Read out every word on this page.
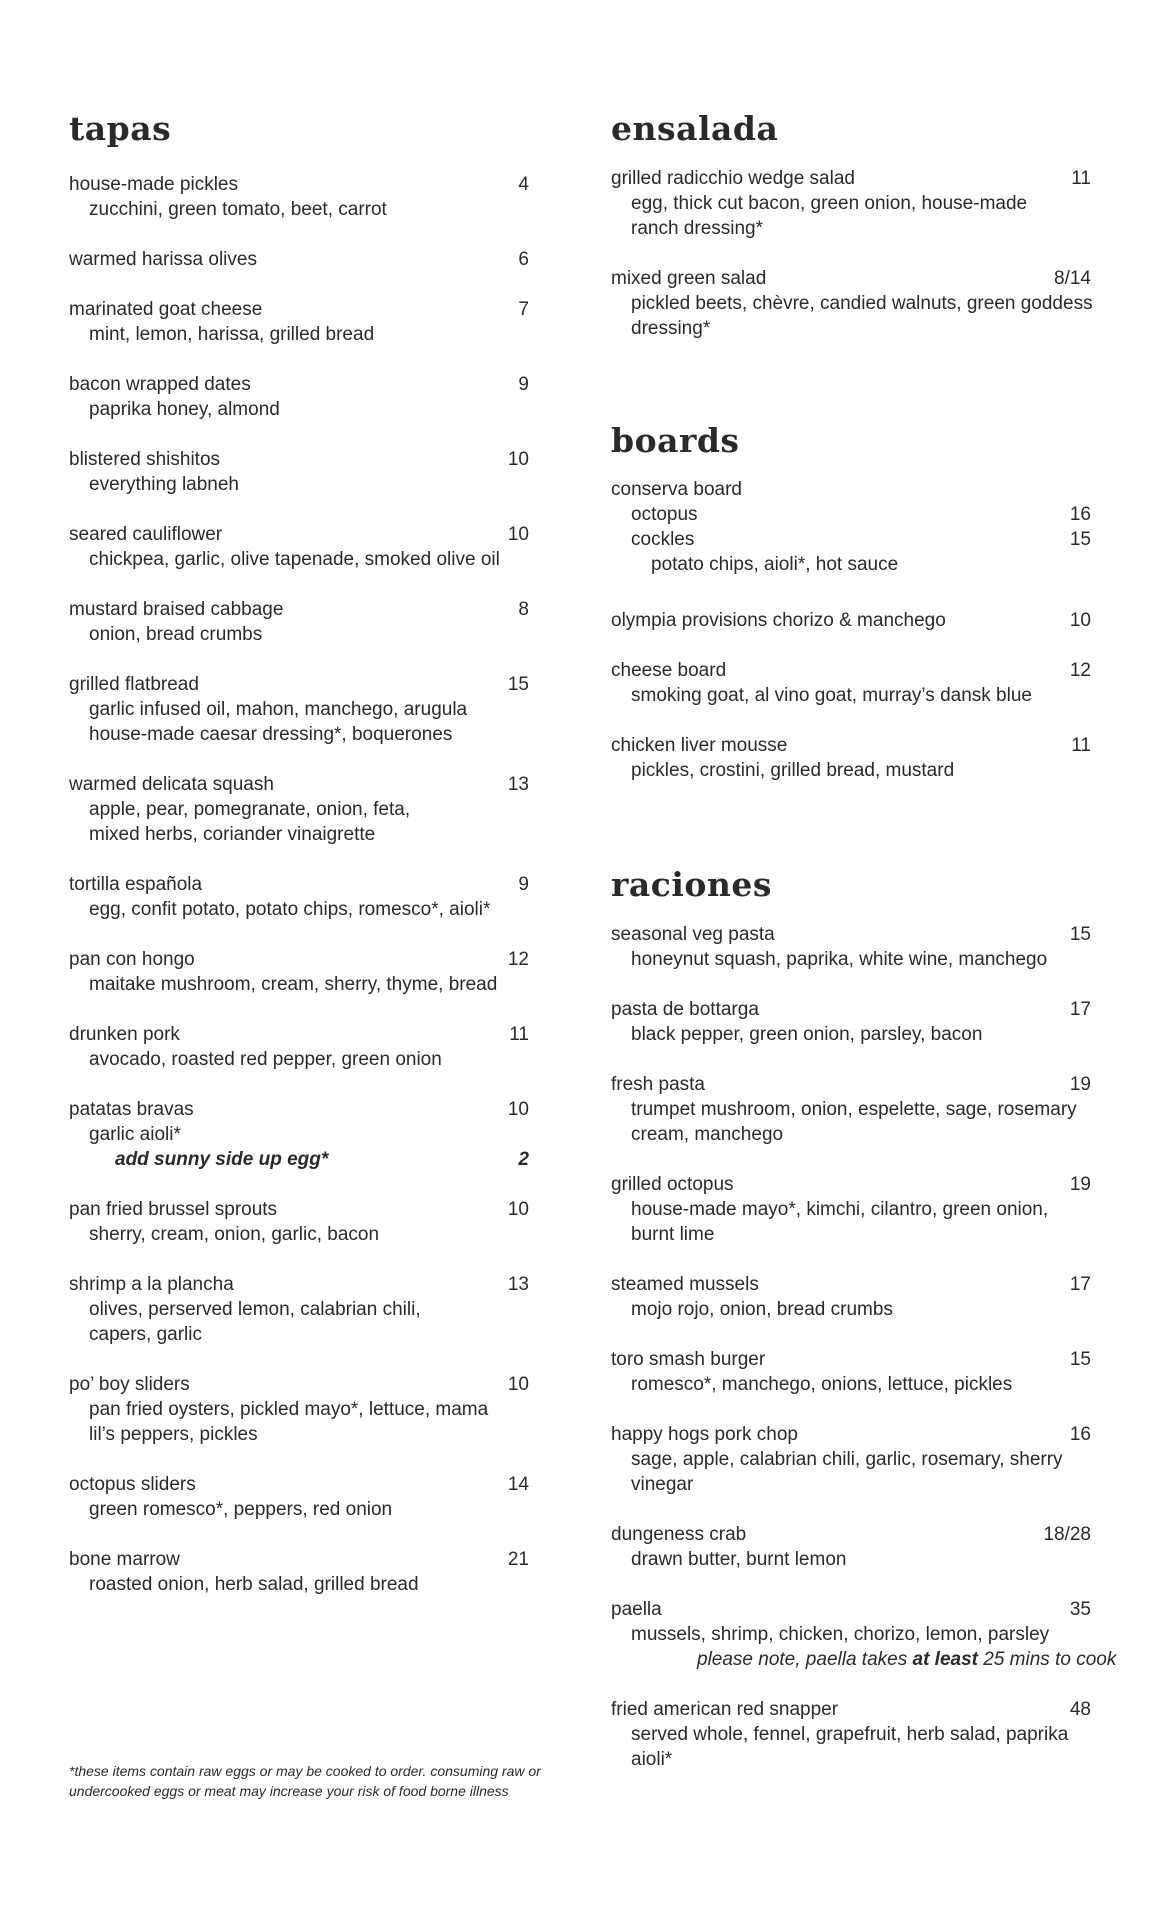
tapas
house-made pickles	4
zucchini, green tomato, beet, carrot
warmed harissa olives	6
marinated goat cheese	7
mint, lemon, harissa, grilled bread
bacon wrapped dates	9
paprika honey, almond
blistered shishitos	10
everything labneh
seared cauliflower	10
chickpea, garlic, olive tapenade, smoked olive oil
mustard braised cabbage	8
onion, bread crumbs
grilled flatbread	15
garlic infused oil, mahon, manchego, arugula
house-made caesar dressing*, boquerones
warmed delicata squash	13
apple, pear, pomegranate, onion, feta,
mixed herbs, coriander vinaigrette
tortilla española	9
egg, confit potato, potato chips, romesco*, aioli*
pan con hongo	12
maitake mushroom, cream, sherry, thyme, bread
drunken pork	11
avocado, roasted red pepper, green onion
patatas bravas	10
garlic aioli*
add sunny side up egg*	2
pan fried brussel sprouts	10
sherry, cream, onion, garlic, bacon
shrimp a la plancha	13
olives, perserved lemon, calabrian chili,
capers, garlic
po’ boy sliders	10
pan fried oysters, pickled mayo*, lettuce, mama
lil’s peppers, pickles
octopus sliders	14
green romesco*, peppers, red onion
bone marrow	21
roasted onion, herb salad, grilled bread
ensalada
grilled radicchio wedge salad	11
egg, thick cut bacon, green onion, house-made
ranch dressing*
mixed green salad	8/14
pickled beets, chèvre, candied walnuts, green goddess
dressing*
boards
conserva board
octopus	16
cockles	15
potato chips, aioli*, hot sauce
olympia provisions chorizo & manchego	10
cheese board	12
smoking goat, al vino goat, murray’s dansk blue
chicken liver mousse	11
pickles, crostini, grilled bread, mustard
raciones
seasonal veg pasta	15
honeynut squash, paprika, white wine, manchego
pasta de bottarga	17
black pepper, green onion, parsley, bacon
fresh pasta	19
trumpet mushroom, onion, espelette, sage, rosemary
cream, manchego
grilled octopus	19
house-made mayo*, kimchi, cilantro, green onion,
burnt lime
steamed mussels	17
mojo rojo, onion, bread crumbs
toro smash burger	15
romesco*, manchego, onions, lettuce, pickles
happy hogs pork chop	16
sage, apple, calabrian chili, garlic, rosemary, sherry
vinegar
dungeness crab	18/28
drawn butter, burnt lemon
paella	35
mussels, shrimp, chicken, chorizo, lemon, parsley
please note, paella takes at least 25 mins to cook
fried american red snapper	48
served whole, fennel, grapefruit, herb salad, paprika
aioli*
*these items contain raw eggs or may be cooked to order. consuming raw or
undercooked eggs or meat may increase your risk of food borne illness
